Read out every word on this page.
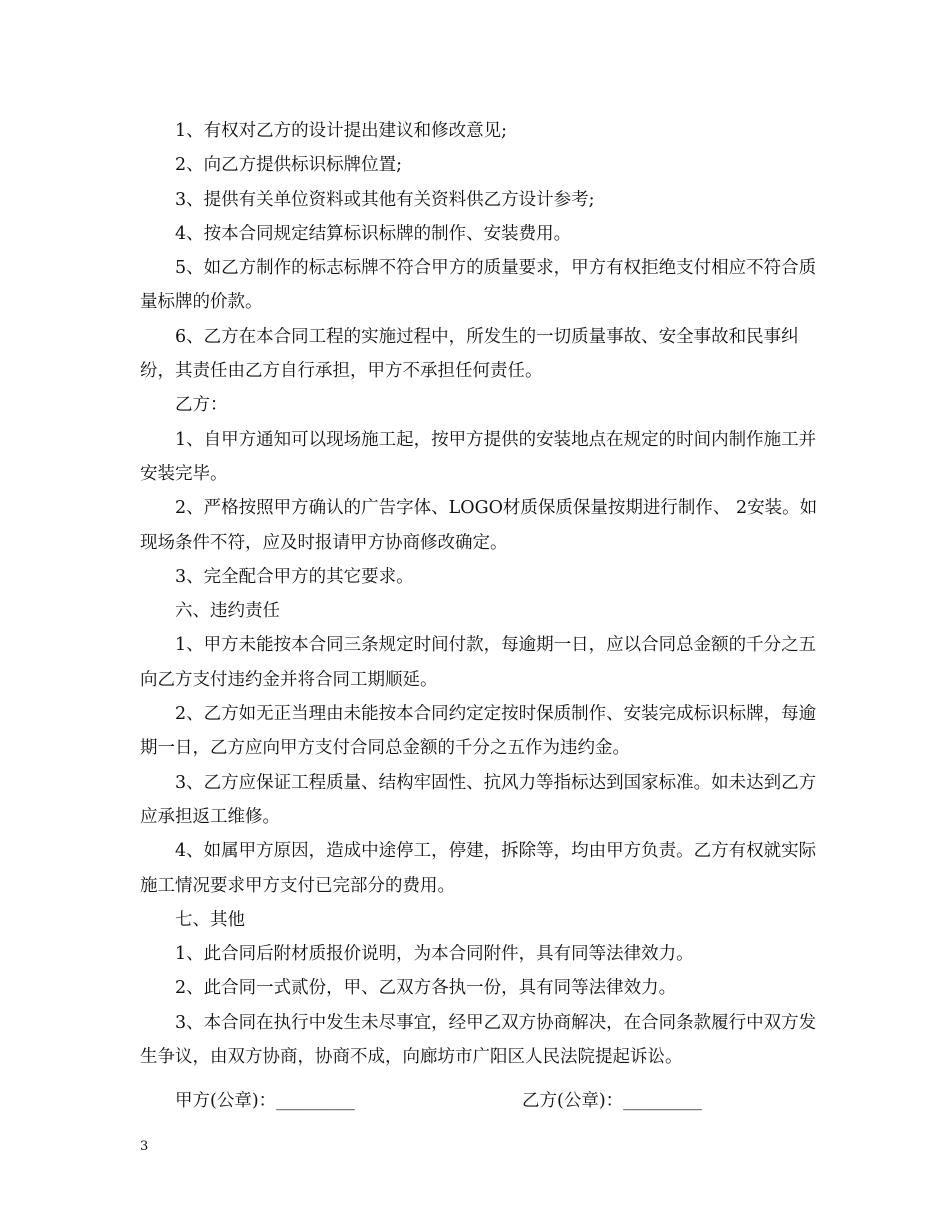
1、有权对乙方的设计提出建议和修改意见;

2、向乙方提供标识标牌位置;

3、提供有关单位资料或其他有关资料供乙方设计参考;

4、按本合同规定结算标识标牌的制作、安装费用。

5、如乙方制作的标志标牌不符合甲方的质量要求，甲方有权拒绝支付相应不符合质量标牌的价款。

6、乙方在本合同工程的实施过程中，所发生的一切质量事故、安全事故和民事纠纷，其责任由乙方自行承担，甲方不承担任何责任。

乙方：

1、自甲方通知可以现场施工起，按甲方提供的安装地点在规定的时间内制作施工并安装完毕。

2、严格按照甲方确认的广告字体、LOGO材质保质保量按期进行制作、 2安装。如现场条件不符，应及时报请甲方协商修改确定。

3、完全配合甲方的其它要求。

六、违约责任

1、甲方未能按本合同三条规定时间付款，每逾期一日，应以合同总金额的千分之五向乙方支付违约金并将合同工期顺延。

2、乙方如无正当理由未能按本合同约定定按时保质制作、安装完成标识标牌，每逾期一日，乙方应向甲方支付合同总金额的千分之五作为违约金。

3、乙方应保证工程质量、结构牢固性、抗风力等指标达到国家标准。如未达到乙方应承担返工维修。

4、如属甲方原因，造成中途停工，停建，拆除等，均由甲方负责。乙方有权就实际施工情况要求甲方支付已完部分的费用。

七、其他

1、此合同后附材质报价说明，为本合同附件，具有同等法律效力。

2、此合同一式贰份，甲、乙双方各执一份，具有同等法律效力。

3、本合同在执行中发生未尽事宜，经甲乙双方协商解决，在合同条款履行中双方发生争议，由双方协商，协商不成，向廊坊市广阳区人民法院提起诉讼。

甲方(公章)：_________	乙方(公章)：_________
3
